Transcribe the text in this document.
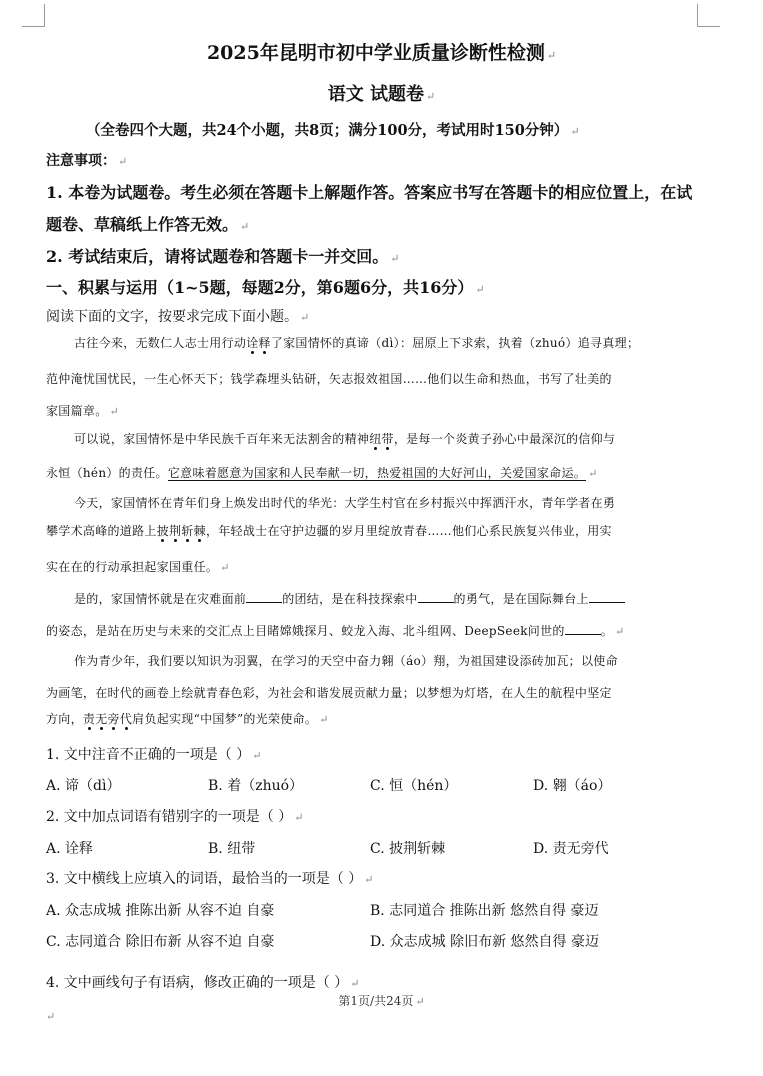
2025年昆明市初中学业质量诊断性检测 ↵
语文 试题卷 ↵
（全卷四个大题，共24个小题，共8页；满分100分，考试用时150分钟） ↵
注意事项： ↵
1. 本卷为试题卷。考生必须在答题卡上解题作答。答案应书写在答题卡的相应位置上，在试
题卷、草稿纸上作答无效。 ↵
2. 考试结束后，请将试题卷和答题卡一并交回。 ↵
一、积累与运用（1~5题，每题2分，第6题6分，共16分） ↵
阅读下面的文字，按要求完成下面小题。 ↵
古往今来，无数仁人志士用行动诠释了家国情怀的真谛（dì）：屈原上下求索，执着（zhuó）追寻真理；
范仲淹忧国忧民，一生心怀天下；钱学森埋头钻研，矢志报效祖国……他们以生命和热血，书写了壮美的
家国篇章。 ↵
可以说，家国情怀是中华民族千百年来无法割舍的精神纽带，是每一个炎黄子孙心中最深沉的信仰与
永恒（hén）的责任。它意味着愿意为国家和人民奉献一切，热爱祖国的大好河山，关爱国家命运。 ↵
今天，家国情怀在青年们身上焕发出时代的华光：大学生村官在乡村振兴中挥洒汗水，青年学者在勇
攀学术高峰的道路上披荆斩棘，年轻战士在守护边疆的岁月里绽放青春……他们心系民族复兴伟业，用实
实在在的行动承担起家国重任。 ↵
是的，家国情怀就是在灾难面前	的团结，是在科技探索中	的勇气，是在国际舞台上
的姿态，是站在历史与未来的交汇点上目睹嫦娥探月、蛟龙入海、北斗组网、DeepSeek问世的	。 ↵
作为青少年，我们要以知识为羽翼，在学习的天空中奋力翱（áo）翔，为祖国建设添砖加瓦；以使命
为画笔，在时代的画卷上绘就青春色彩，为社会和谐发展贡献力量；以梦想为灯塔，在人生的航程中坚定
方向，责无旁代肩负起实现“中国梦”的光荣使命。 ↵
1. 文中注音不正确的一项是（ ） ↵
A. 谛（dì）	B. 着（zhuó）	C. 恒（hén）	D. 翱（áo）
2. 文中加点词语有错别字的一项是（ ） ↵
A. 诠释	B. 纽带	C. 披荆斩棘	D. 责无旁代
3. 文中横线上应填入的词语，最恰当的一项是（ ） ↵
A. 众志成城 推陈出新 从容不迫 自豪	B. 志同道合 推陈出新 悠然自得 豪迈
C. 志同道合 除旧布新 从容不迫 自豪	D. 众志成城 除旧布新 悠然自得 豪迈
4. 文中画线句子有语病，修改正确的一项是（ ） ↵
第1页/共24页 ↵
↵
